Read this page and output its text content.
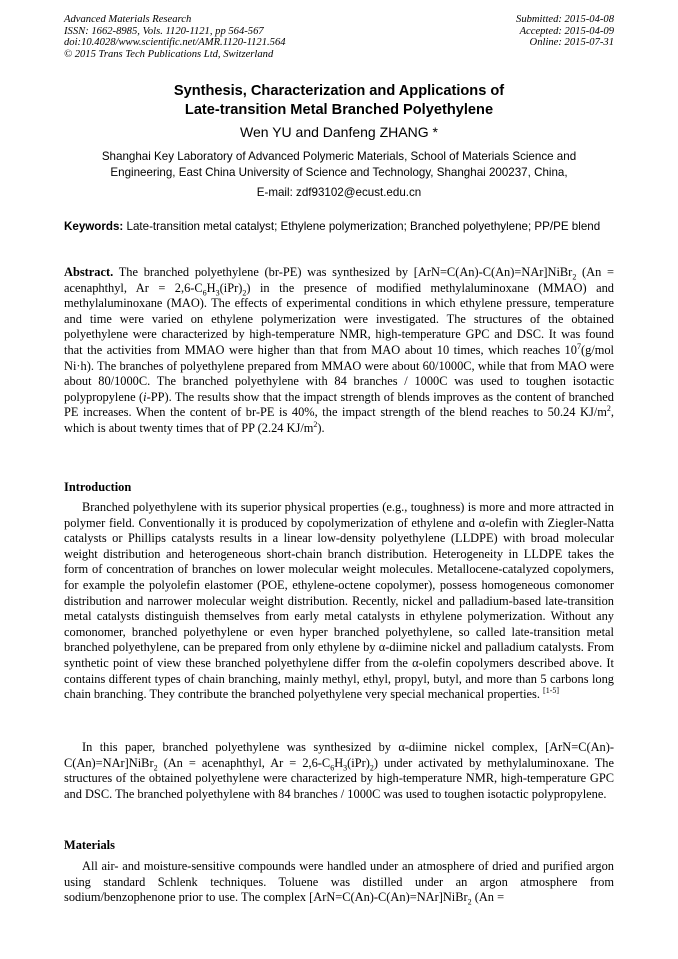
Advanced Materials Research
ISSN: 1662-8985, Vols. 1120-1121, pp 564-567
doi:10.4028/www.scientific.net/AMR.1120-1121.564
© 2015 Trans Tech Publications Ltd, Switzerland
Submitted: 2015-04-08
Accepted: 2015-04-09
Online: 2015-07-31
Synthesis, Characterization and Applications of
Late-transition Metal Branched Polyethylene
Wen YU and Danfeng ZHANG *
Shanghai Key Laboratory of Advanced Polymeric Materials, School of Materials Science and Engineering, East China University of Science and Technology, Shanghai 200237, China,
E-mail: zdf93102@ecust.edu.cn
Keywords: Late-transition metal catalyst; Ethylene polymerization; Branched polyethylene; PP/PE blend
Abstract. The branched polyethylene (br-PE) was synthesized by [ArN=C(An)-C(An)=NAr]NiBr$_2$ (An = acenaphthyl, $Ar = 2,6-C_6H_3(iPr)_2$) in the presence of modified methylaluminoxane (MMAO) and methylaluminoxane (MAO). The effects of experimental conditions in which ethylene pressure, temperature and time were varied on ethylene polymerization were investigated. The structures of the obtained polyethylene were characterized by high-temperature NMR, high-temperature GPC and DSC. It was found that the activities from MMAO were higher than that from MAO about 10 times, which reaches $10^7(g$/mol Ni·h). The branches of polyethylene prepared from MMAO were about 60/1000C, while that from MAO were about 80/1000C. The branched polyethylene with 84 branches / 1000C was used to toughen isotactic polypropylene (i-PP). The results show that the impact strength of blends improves as the content of branched PE increases. When the content of br-PE is 40%, the impact strength of the blend reaches to 50.24 $KJ/m^2$, which is about twenty times that of PP (2.24 $KJ/m^2$).
Introduction
Branched polyethylene with its superior physical properties (e.g., toughness) is more and more attracted in polymer field. Conventionally it is produced by copolymerization of ethylene and α-olefin with Ziegler-Natta catalysts or Phillips catalysts results in a linear low-density polyethylene (LLDPE) with broad molecular weight distribution and heterogeneous short-chain branch distribution. Heterogeneity in LLDPE takes the form of concentration of branches on lower molecular weight molecules. Metallocene-catalyzed copolymers, for example the polyolefin elastomer (POE, ethylene-octene copolymer), possess homogeneous comonomer distribution and narrower molecular weight distribution. Recently, nickel and palladium-based late-transition metal catalysts distinguish themselves from early metal catalysts in ethylene polymerization. Without any comonomer, branched polyethylene or even hyper branched polyethylene, so called late-transition metal branched polyethylene, can be prepared from only ethylene by α-diimine nickel and palladium catalysts. From synthetic point of view these branched polyethylene differ from the α-olefin copolymers described above. It contains different types of chain branching, mainly methyl, ethyl, propyl, butyl, and more than 5 carbons long chain branching. They contribute the branched polyethylene very special mechanical properties. [1-5]
In this paper, branched polyethylene was synthesized by α-diimine nickel complex, [ArN=C(An)-C(An)=NAr]NiBr$_2$ (An = acenaphthyl, $Ar = 2,6-C_6H_3(iPr)_2$) under activated by methylaluminoxane. The structures of the obtained polyethylene were characterized by high-temperature NMR, high-temperature GPC and DSC. The branched polyethylene with 84 branches / 1000C was used to toughen isotactic polypropylene.
Materials
All air- and moisture-sensitive compounds were handled under an atmosphere of dried and purified argon using standard Schlenk techniques. Toluene was distilled under an argon atmosphere from sodium/benzophenone prior to use. The complex [ArN=C(An)-C(An)=NAr]NiBr$_2$ (An =
